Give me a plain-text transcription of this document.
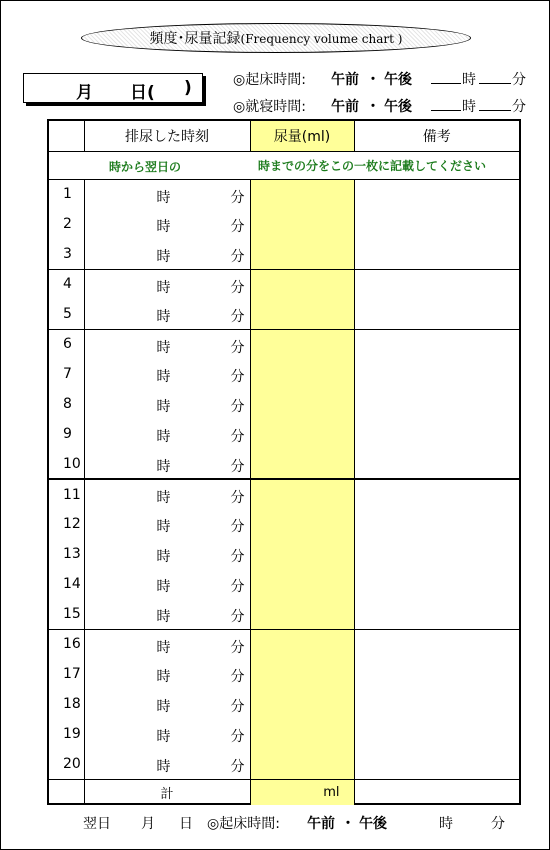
頻度･尿量記録(Frequency volume chart )
月 日( )	◎起床時間: 午前 ・ 午後	時	分
◎就寝時間: 午前 ・ 午後	時	分
	排尿した時刻	尿量(ml)	備考

時から翌日の		時までの分をこの一枚に記載してください	
1	時 分		

2	時 分		

3	時 分		

4	時 分		

5	時 分		

6	時 分		

7	時 分		

8	時 分		

9	時 分		

10	時 分		

11	時 分		

12	時 分		

13	時 分		

14	時 分		

15	時 分		

16	時 分		

17	時 分		

18	時 分		

19	時 分		

20	時 分		

	計	ml	
翌日 月 日 ◎起床時間: 午前 ・ 午後	時	分
